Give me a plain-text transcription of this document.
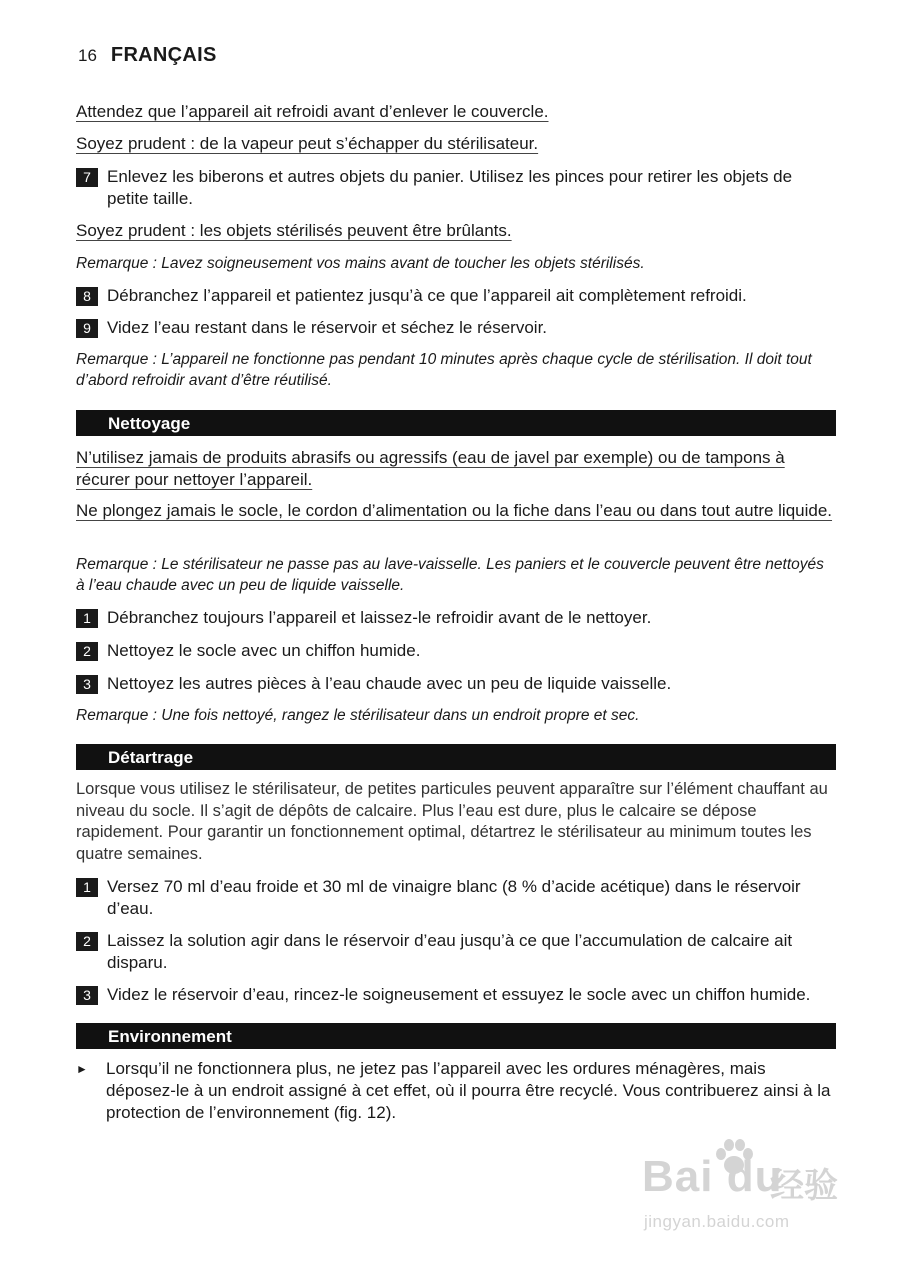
16 FRANÇAIS
Attendez que l’appareil ait refroidi avant d’enlever le couvercle.
Soyez prudent : de la vapeur peut s’échapper du stérilisateur.
7 Enlevez les biberons et autres objets du panier. Utilisez les pinces pour retirer les objets de petite taille.
Soyez prudent : les objets stérilisés peuvent être brûlants.
Remarque : Lavez soigneusement vos mains avant de toucher les objets stérilisés.
8 Débranchez l’appareil et patientez jusqu’à ce que l’appareil ait complètement refroidi.
9 Videz l’eau restant dans le réservoir et séchez le réservoir.
Remarque : L’appareil ne fonctionne pas pendant 10 minutes après chaque cycle de stérilisation. Il doit tout d’abord refroidir avant d’être réutilisé.
Nettoyage
N’utilisez jamais de produits abrasifs ou agressifs (eau de javel par exemple) ou de tampons à récurer pour nettoyer l’appareil.
Ne plongez jamais le socle, le cordon d’alimentation ou la fiche dans l’eau ou dans tout autre liquide.
Remarque : Le stérilisateur ne passe pas au lave-vaisselle. Les paniers et le couvercle peuvent être nettoyés à l’eau chaude avec un peu de liquide vaisselle.
1 Débranchez toujours l’appareil et laissez-le refroidir avant de le nettoyer.
2 Nettoyez le socle avec un chiffon humide.
3 Nettoyez les autres pièces à l’eau chaude avec un peu de liquide vaisselle.
Remarque : Une fois nettoyé, rangez le stérilisateur dans un endroit propre et sec.
Détartrage
Lorsque vous utilisez le stérilisateur, de petites particules peuvent apparaître sur l’élément chauffant au niveau du socle. Il s’agit de dépôts de calcaire. Plus l’eau est dure, plus le calcaire se dépose rapidement. Pour garantir un fonctionnement optimal, détartrez le stérilisateur au minimum toutes les quatre semaines.
1 Versez 70 ml d’eau froide et 30 ml de vinaigre blanc (8 % d’acide acétique) dans le réservoir d’eau.
2 Laissez la solution agir dans le réservoir d’eau jusqu’à ce que l’accumulation de calcaire ait disparu.
3 Videz le réservoir d’eau, rincez-le soigneusement et essuyez le socle avec un chiffon humide.
Environnement
►	Lorsqu’il ne fonctionnera plus, ne jetez pas l’appareil avec les ordures ménagères, mais déposez-le à un endroit assigné à cet effet, où il pourra être recyclé. Vous contribuerez ainsi à la protection de l’environnement (fig. 12).
Bai du
经验
jingyan.baidu.com
